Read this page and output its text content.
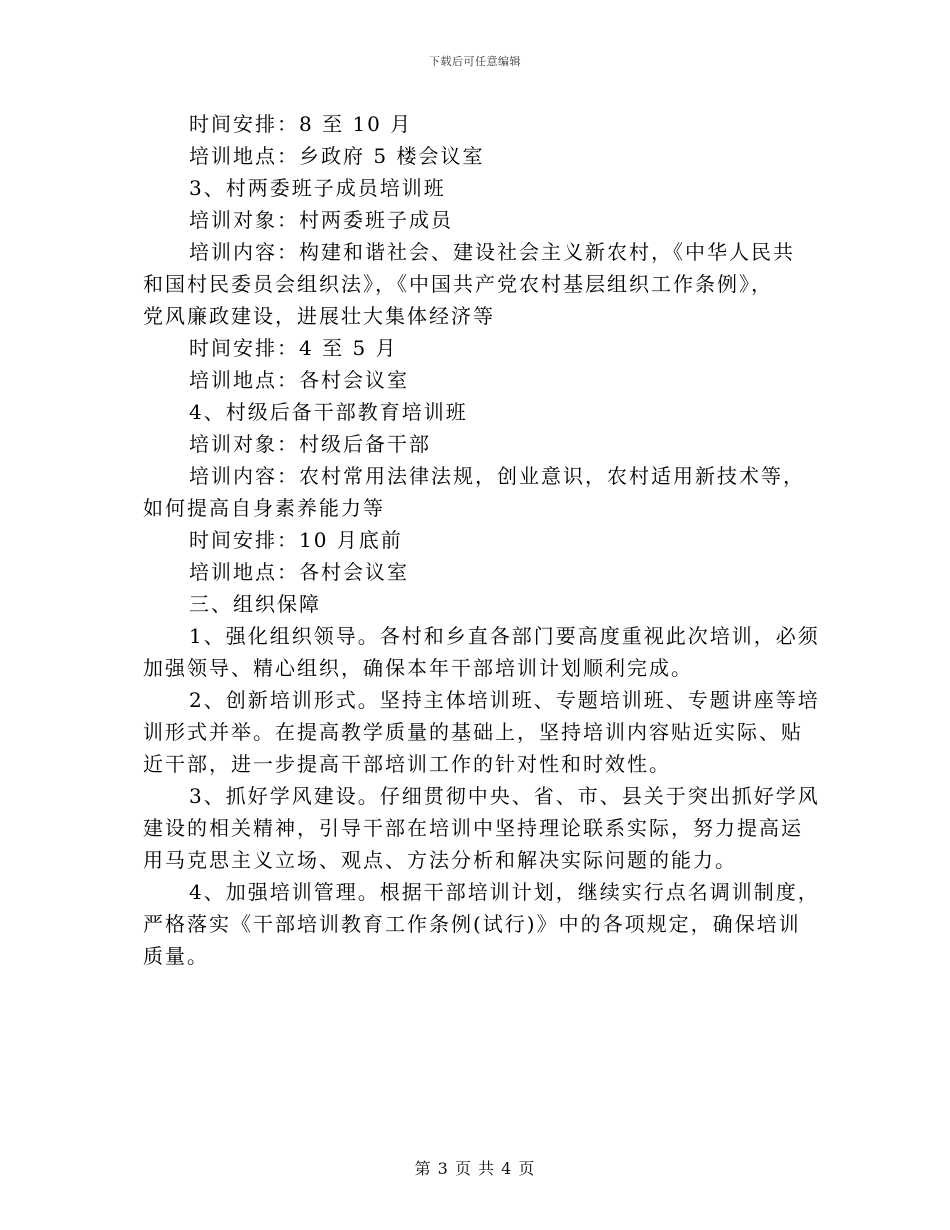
下载后可任意编辑
时间安排：8 至 10 月
培训地点：乡政府 5 楼会议室
3、村两委班子成员培训班
培训对象：村两委班子成员
培训内容：构建和谐社会、建设社会主义新农村，《中华人民共
和国村民委员会组织法》，《中国共产党农村基层组织工作条例》，
党风廉政建设，进展壮大集体经济等
时间安排：4 至 5 月
培训地点：各村会议室
4、村级后备干部教育培训班
培训对象：村级后备干部
培训内容：农村常用法律法规，创业意识，农村适用新技术等，
如何提高自身素养能力等
时间安排：10 月底前
培训地点：各村会议室
三、组织保障
1、强化组织领导。各村和乡直各部门要高度重视此次培训，必须
加强领导、精心组织，确保本年干部培训计划顺利完成。
2、创新培训形式。坚持主体培训班、专题培训班、专题讲座等培
训形式并举。在提高教学质量的基础上，坚持培训内容贴近实际、贴
近干部，进一步提高干部培训工作的针对性和时效性。
3、抓好学风建设。仔细贯彻中央、省、市、县关于突出抓好学风
建设的相关精神，引导干部在培训中坚持理论联系实际，努力提高运
用马克思主义立场、观点、方法分析和解决实际问题的能力。
4、加强培训管理。根据干部培训计划，继续实行点名调训制度，
严格落实《干部培训教育工作条例(试行)》中的各项规定，确保培训
质量。
第 3 页 共 4 页
